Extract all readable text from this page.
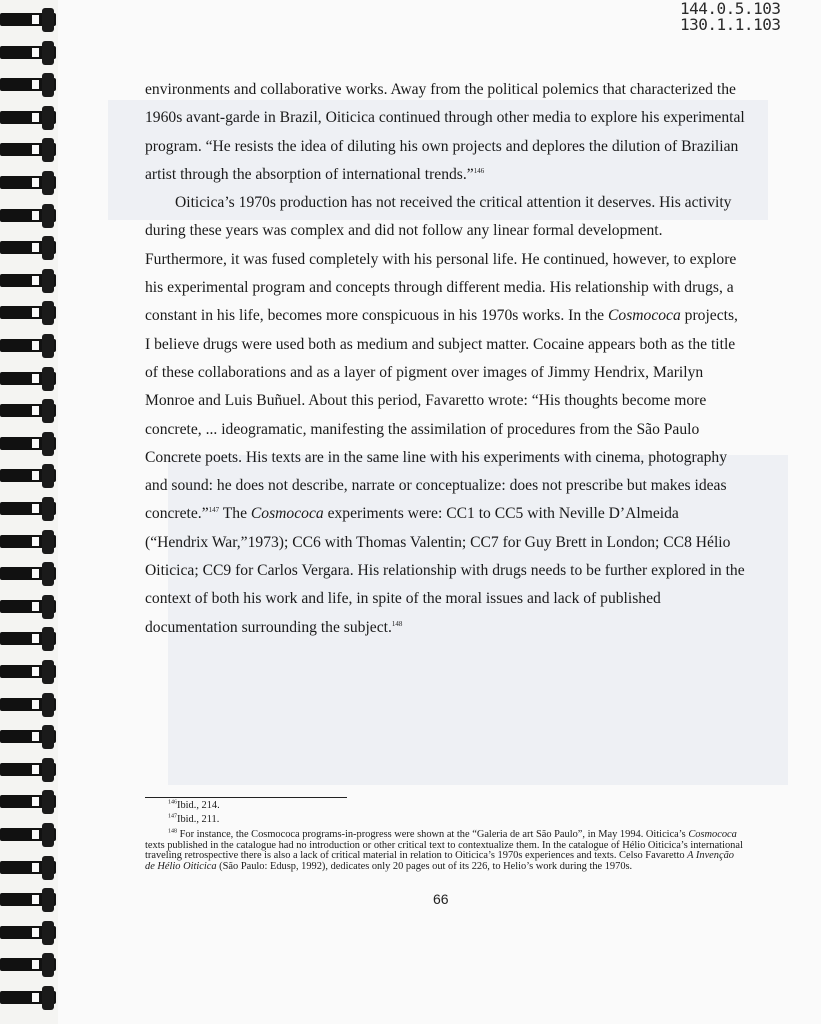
144.0.5.103
130.1.1.103

environments and collaborative works. Away from the political polemics that characterized the 1960s avant-garde in Brazil, Oiticica continued through other media to explore his experimental program. “He resists the idea of diluting his own projects and deplores the dilution of Brazilian artist through the absorption of international trends.”$^{146}$

Oiticica’s 1970s production has not received the critical attention it deserves. His activity during these years was complex and did not follow any linear formal development. Furthermore, it was fused completely with his personal life. He continued, however, to explore his experimental program and concepts through different media. His relationship with drugs, a constant in his life, becomes more conspicuous in his 1970s works. In the Cosmococa projects, I believe drugs were used both as medium and subject matter. Cocaine appears both as the title of these collaborations and as a layer of pigment over images of Jimmy Hendrix, Marilyn Monroe and Luis Buñuel. About this period, Favaretto wrote: “His thoughts become more concrete, ... ideogramatic, manifesting the assimilation of procedures from the São Paulo Concrete poets. His texts are in the same line with his experiments with cinema, photography and sound: he does not describe, narrate or conceptualize: does not prescribe but makes ideas concrete.”$^{147}$ The Cosmococa experiments were: CC1 to CC5 with Neville D’Almeida (“Hendrix War,”1973); CC6 with Thomas Valentin; CC7 for Guy Brett in London; CC8 Hélio Oiticica; CC9 for Carlos Vergara. His relationship with drugs needs to be further explored in the context of both his work and life, in spite of the moral issues and lack of published documentation surrounding the subject.$^{148}$

$^{146}$Ibid., 214.
$^{147}$Ibid., 211.
$^{148}$ For instance, the Cosmococa programs-in-progress were shown at the “Galeria de art São Paulo”, in May 1994. Oiticica’s Cosmococa texts published in the catalogue had no introduction or other critical text to contextualize them. In the catalogue of Hélio Oiticica’s international traveling retrospective there is also a lack of critical material in relation to Oiticica’s 1970s experiences and texts. Celso Favaretto A Invenção de Hélio Oiticica (São Paulo: Edusp, 1992), dedicates only 20 pages out of its 226, to Helio’s work during the 1970s.
66
